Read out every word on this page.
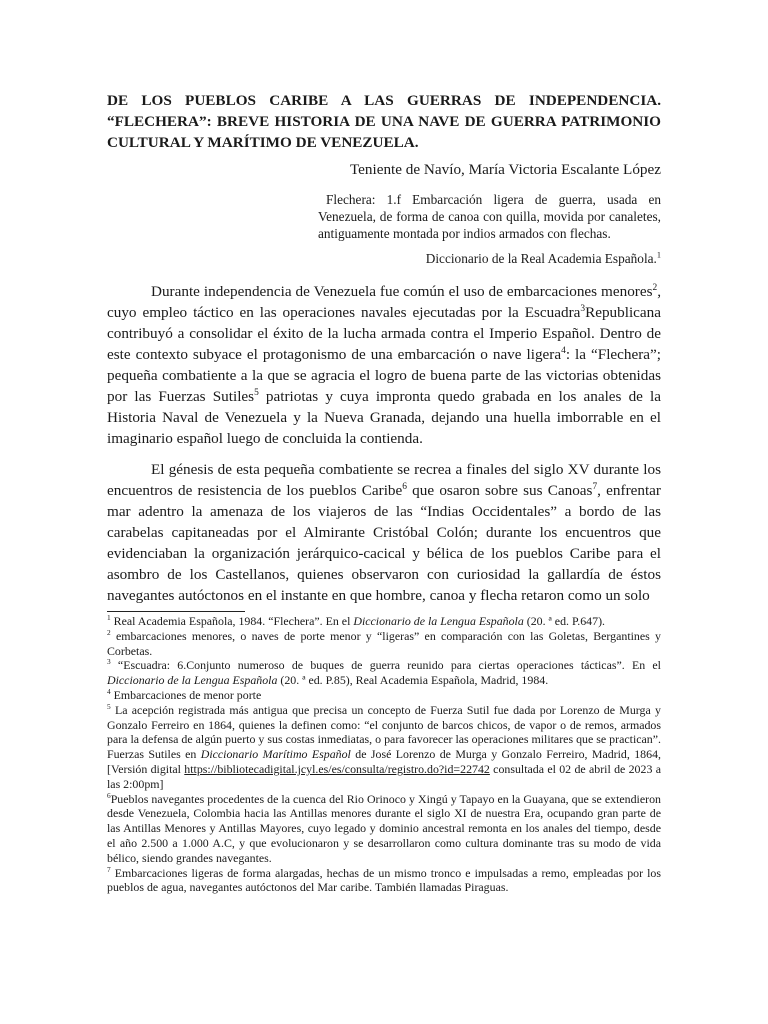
DE LOS PUEBLOS CARIBE A LAS GUERRAS DE INDEPENDENCIA. “FLECHERA”: BREVE HISTORIA DE UNA NAVE DE GUERRA PATRIMONIO CULTURAL Y MARÍTIMO DE VENEZUELA.

Teniente de Navío, María Victoria Escalante López

Flechera: 1.f Embarcación ligera de guerra, usada en Venezuela, de forma de canoa con quilla, movida por canaletes, antiguamente montada por indios armados con flechas.

Diccionario de la Real Academia Española.$^1$

Durante independencia de Venezuela fue común el uso de embarcaciones menores$^2$, cuyo empleo táctico en las operaciones navales ejecutadas por la Escuadra$^3$Republicana contribuyó a consolidar el éxito de la lucha armada contra el Imperio Español. Dentro de este contexto subyace el protagonismo de una embarcación o nave ligera$^4$: la “Flechera”; pequeña combatiente a la que se agracia el logro de buena parte de las victorias obtenidas por las Fuerzas Sutiles$^5$ patriotas y cuya impronta quedo grabada en los anales de la Historia Naval de Venezuela y la Nueva Granada, dejando una huella imborrable en el imaginario español luego de concluida la contienda.

El génesis de esta pequeña combatiente se recrea a finales del siglo XV durante los encuentros de resistencia de los pueblos Caribe$^6$ que osaron sobre sus Canoas$^7$, enfrentar mar adentro la amenaza de los viajeros de las “Indias Occidentales” a bordo de las carabelas capitaneadas por el Almirante Cristóbal Colón; durante los encuentros que evidenciaban la organización jerárquico-cacical y bélica de los pueblos Caribe para el asombro de los Castellanos, quienes observaron con curiosidad la gallardía de éstos navegantes autóctonos en el instante en que hombre, canoa y flecha retaron como un solo

$^1$ Real Academia Española, 1984. “Flechera”. En el Diccionario de la Lengua Española (20. ª ed. P.647).

$^2$ embarcaciones menores, o naves de porte menor y “ligeras” en comparación con las Goletas, Bergantines y Corbetas.

$^3$ “Escuadra: 6.Conjunto numeroso de buques de guerra reunido para ciertas operaciones tácticas”. En el Diccionario de la Lengua Española (20. ª ed. P.85), Real Academia Española, Madrid, 1984.

$^4$ Embarcaciones de menor porte

$^5$ La acepción registrada más antigua que precisa un concepto de Fuerza Sutil fue dada por Lorenzo de Murga y Gonzalo Ferreiro en 1864, quienes la definen como: “el conjunto de barcos chicos, de vapor o de remos, armados para la defensa de algún puerto y sus costas inmediatas, o para favorecer las operaciones militares que se practican”. Fuerzas Sutiles en Diccionario Marítimo Español de José Lorenzo de Murga y Gonzalo Ferreiro, Madrid, 1864, [Versión digital https://bibliotecadigital.jcyl.es/es/consulta/registro.do?id=22742 consultada el 02 de abril de 2023 a las 2:00pm]

$^6$Pueblos navegantes procedentes de la cuenca del Rio Orinoco y Xingú y Tapayo en la Guayana, que se extendieron desde Venezuela, Colombia hacia las Antillas menores durante el siglo XI de nuestra Era, ocupando gran parte de las Antillas Menores y Antillas Mayores, cuyo legado y dominio ancestral remonta en los anales del tiempo, desde el año 2.500 a 1.000 A.C, y que evolucionaron y se desarrollaron como cultura dominante tras su modo de vida bélico, siendo grandes navegantes.

$^7$ Embarcaciones ligeras de forma alargadas, hechas de un mismo tronco e impulsadas a remo, empleadas por los pueblos de agua, navegantes autóctonos del Mar caribe. También llamadas Piraguas.
